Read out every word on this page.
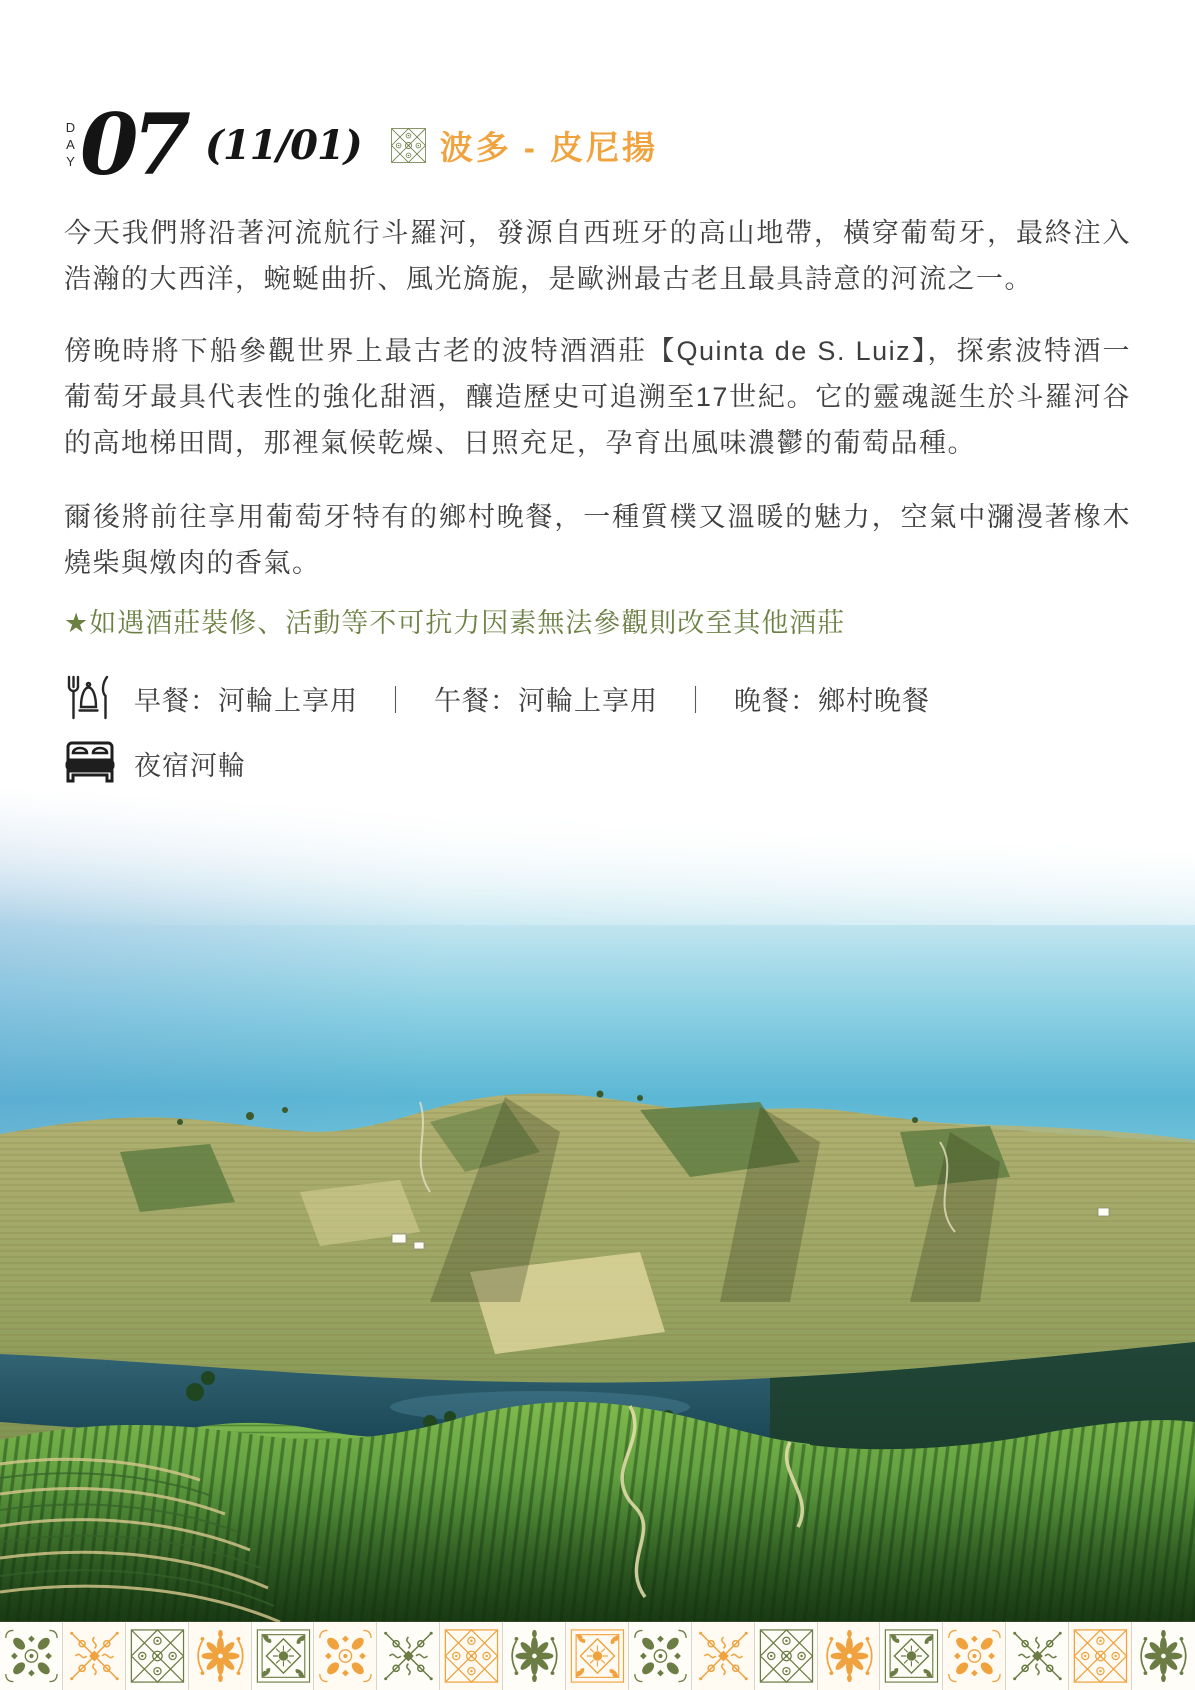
DAY 07 (11/01) 波多 - 皮尼揚

今天我們將沿著河流航行斗羅河，發源自西班牙的高山地帶，橫穿葡萄牙，最終注入浩瀚的大西洋，蜿蜒曲折、風光旖旎，是歐洲最古老且最具詩意的河流之一。

傍晚時將下船參觀世界上最古老的波特酒酒莊【Quinta de S. Luiz】，探索波特酒一葡萄牙最具代表性的強化甜酒，釀造歷史可追溯至17世紀。它的靈魂誕生於斗羅河谷的高地梯田間，那裡氣候乾燥、日照充足，孕育出風味濃鬱的葡萄品種。

爾後將前往享用葡萄牙特有的鄉村晚餐，一種質樸又溫暖的魅力，空氣中瀰漫著橡木燒柴與燉肉的香氣。

★如遇酒莊裝修、活動等不可抗力因素無法參觀則改至其他酒莊

早餐：河輪上享用 ｜ 午餐：河輪上享用 ｜ 晚餐：鄉村晚餐
夜宿河輪
